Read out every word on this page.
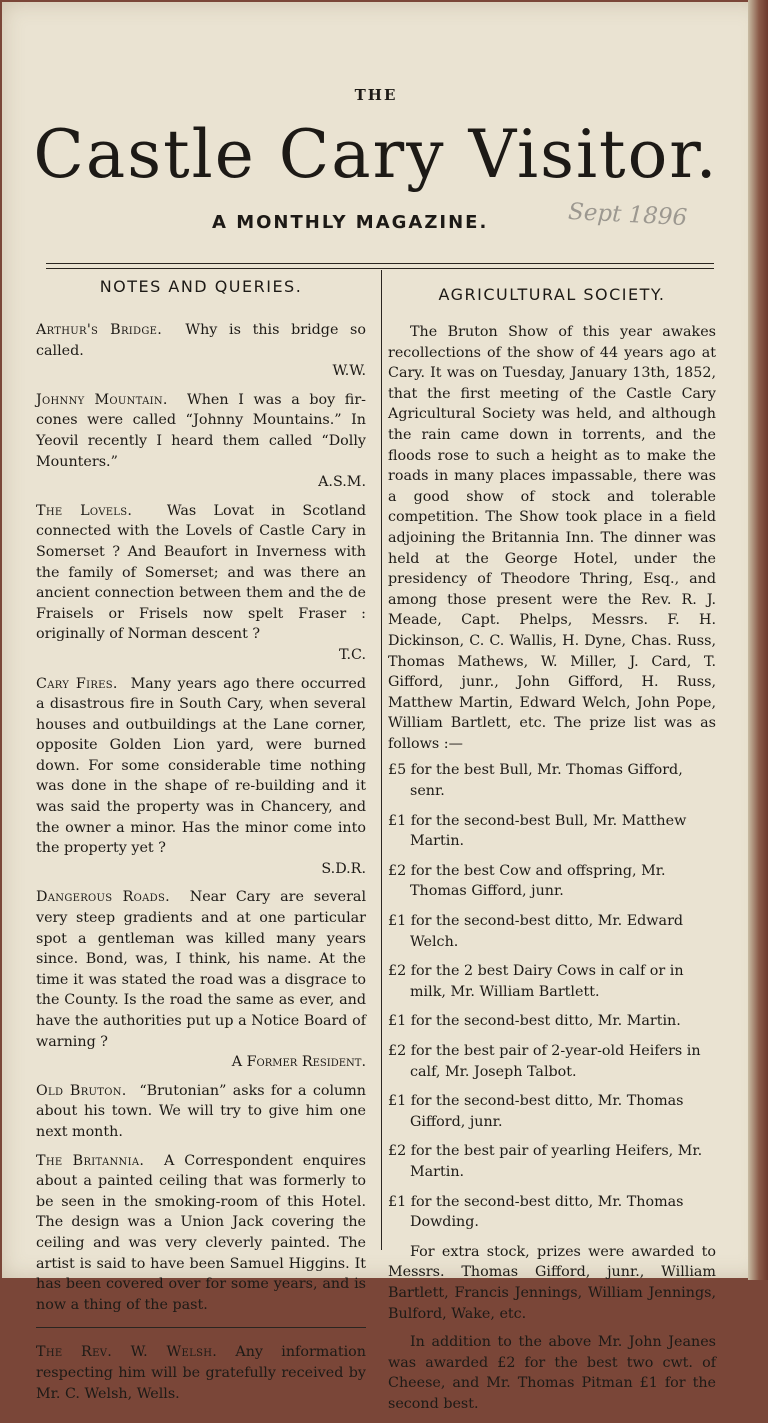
THE
Castle Cary Visitor.
A MONTHLY MAGAZINE.	Sept 1896
NOTES AND QUERIES.
Arthur's Bridge. Why is this bridge so called.
W.W.
Johnny Mountain. When I was a boy fir-cones were called “Johnny Mountains.” In Yeovil recently I heard them called “Dolly Mounters.”
A.S.M.
The Lovels. Was Lovat in Scotland connected with the Lovels of Castle Cary in Somerset ? And Beaufort in Inverness with the family of Somerset; and was there an ancient connection between them and the de Fraisels or Frisels now spelt Fraser : originally of Norman descent ?
T.C.
Cary Fires. Many years ago there occurred a disastrous fire in South Cary, when several houses and outbuildings at the Lane corner, opposite Golden Lion yard, were burned down. For some considerable time nothing was done in the shape of re-building and it was said the property was in Chancery, and the owner a minor. Has the minor come into the property yet ?
S.D.R.
Dangerous Roads. Near Cary are several very steep gradients and at one particular spot a gentleman was killed many years since. Bond, was, I think, his name. At the time it was stated the road was a disgrace to the County. Is the road the same as ever, and have the authorities put up a Notice Board of warning ?
A Former Resident.
Old Bruton. “Brutonian” asks for a column about his town. We will try to give him one next month.
The Britannia. A Correspondent enquires about a painted ceiling that was formerly to be seen in the smoking-room of this Hotel. The design was a Union Jack covering the ceiling and was very cleverly painted. The artist is said to have been Samuel Higgins. It has been covered over for some years, and is now a thing of the past.
The Rev. W. Welsh. Any information respecting him will be gratefully received by Mr. C. Welsh, Wells.
AGRICULTURAL SOCIETY.
The Bruton Show of this year awakes recollections of the show of 44 years ago at Cary. It was on Tuesday, January 13th, 1852, that the first meeting of the Castle Cary Agricultural Society was held, and although the rain came down in torrents, and the floods rose to such a height as to make the roads in many places impassable, there was a good show of stock and tolerable competition. The Show took place in a field adjoining the Britannia Inn. The dinner was held at the George Hotel, under the presidency of Theodore Thring, Esq., and among those present were the Rev. R. J. Meade, Capt. Phelps, Messrs. F. H. Dickinson, C. C. Wallis, H. Dyne, Chas. Russ, Thomas Mathews, W. Miller, J. Card, T. Gifford, junr., John Gifford, H. Russ, Matthew Martin, Edward Welch, John Pope, William Bartlett, etc. The prize list was as follows :—
£5 for the best Bull, Mr. Thomas Gifford, senr.
£1 for the second-best Bull, Mr. Matthew Martin.
£2 for the best Cow and offspring, Mr. Thomas Gifford, junr.
£1 for the second-best ditto, Mr. Edward Welch.
£2 for the 2 best Dairy Cows in calf or in milk, Mr. William Bartlett.
£1 for the second-best ditto, Mr. Martin.
£2 for the best pair of 2-year-old Heifers in calf, Mr. Joseph Talbot.
£1 for the second-best ditto, Mr. Thomas Gifford, junr.
£2 for the best pair of yearling Heifers, Mr. Martin.
£1 for the second-best ditto, Mr. Thomas Dowding.
For extra stock, prizes were awarded to Messrs. Thomas Gifford, junr., William Bartlett, Francis Jennings, William Jennings, Bulford, Wake, etc.
In addition to the above Mr. John Jeanes was awarded £2 for the best two cwt. of Cheese, and Mr. Thomas Pitman £1 for the second best.
